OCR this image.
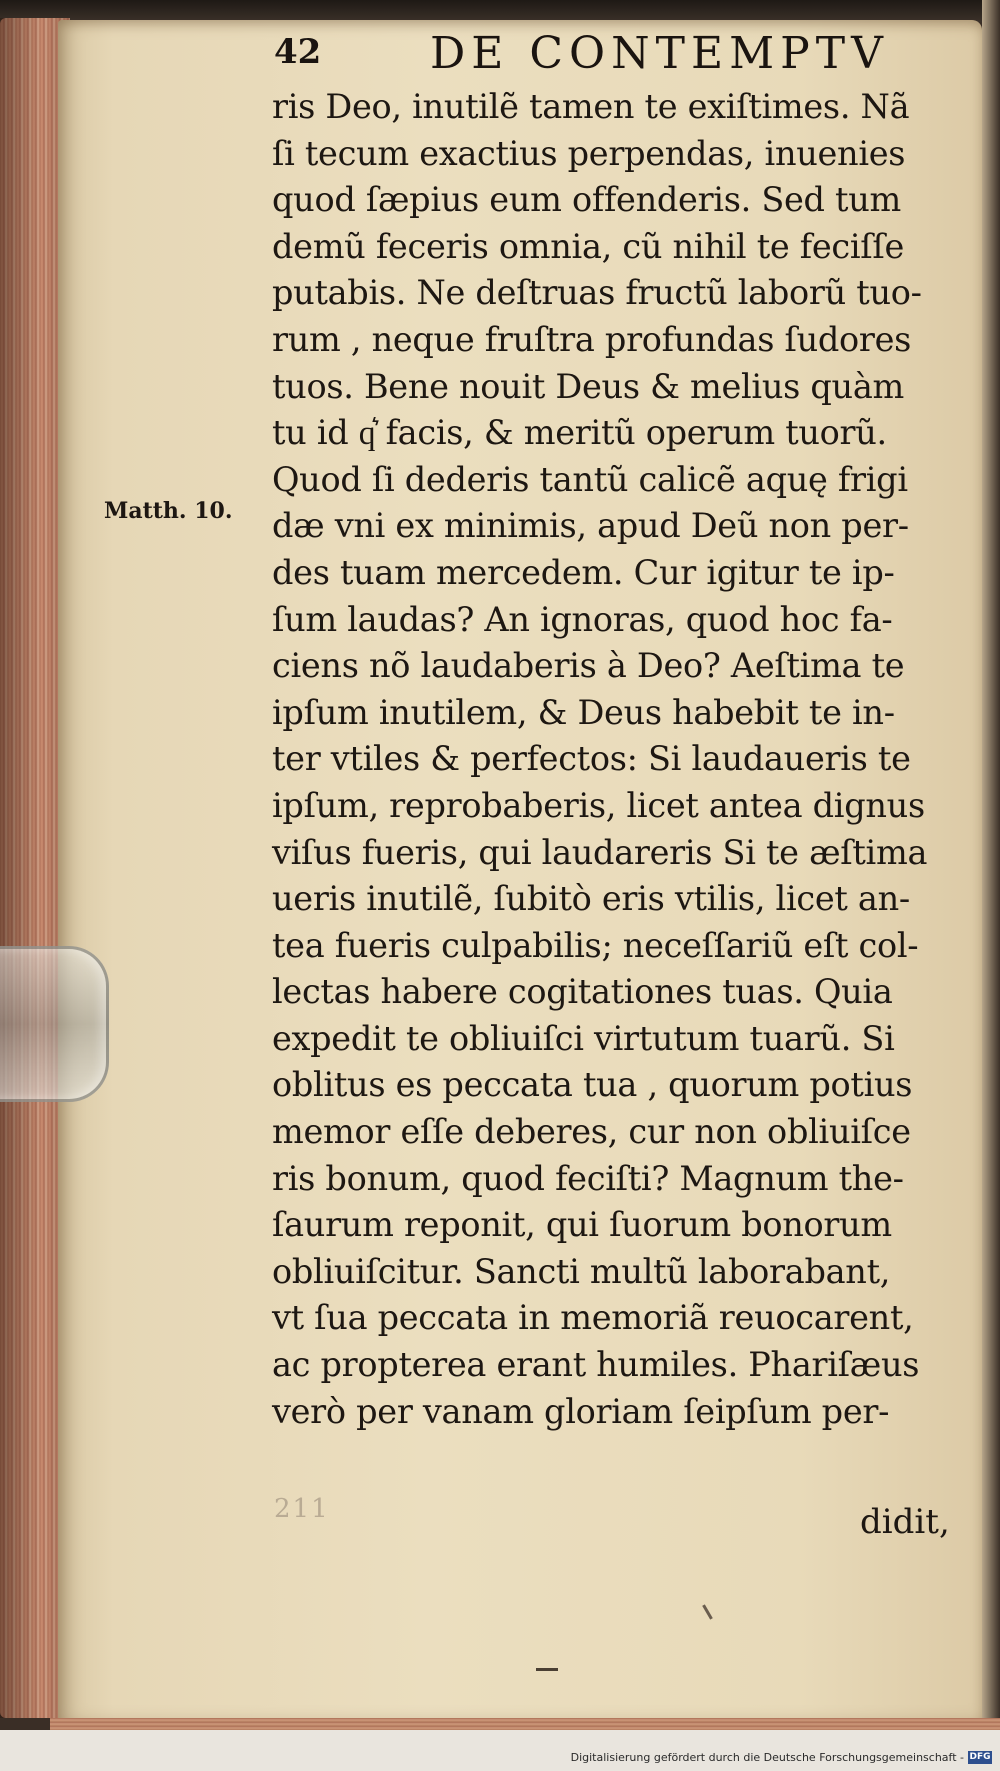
42 DE CONTEMPTV
Matth. 10.
ris Deo, inutilẽ tamen te exiſtimes. Nã
ſi tecum exactius perpendas, inuenies
quod ſæpius eum offenderis. Sed tum
demũ feceris omnia, cũ nihil te feciſſe
putabis. Ne deſtruas fructũ laborũ tuo-
rum , neque fruſtra profundas ſudores
tuos. Bene nouit Deus & melius quàm
tu id q͛ facis, & meritũ operum tuorũ.
Quod ſi dederis tantũ calicẽ aquę frigi
dæ vni ex minimis, apud Deũ non per-
des tuam mercedem. Cur igitur te ip-
ſum laudas? An ignoras, quod hoc fa-
ciens nõ laudaberis à Deo? Aeſtima te
ipſum inutilem, & Deus habebit te in-
ter vtiles & perfectos: Si laudaueris te
ipſum, reprobaberis, licet antea dignus
viſus fueris, qui laudareris Si te æſtima
ueris inutilẽ, ſubitò eris vtilis, licet an-
tea fueris culpabilis; neceſſariũ eſt col-
lectas habere cogitationes tuas. Quia
expedit te obliuiſci virtutum tuarũ. Si
oblitus es peccata tua , quorum potius
memor eſſe deberes, cur non obliuiſce
ris bonum, quod feciſti? Magnum the-
ſaurum reponit, qui ſuorum bonorum
obliuiſcitur. Sancti multũ laborabant,
vt ſua peccata in memoriã reuocarent,
ac propterea erant humiles. Phariſæus
verò per vanam gloriam ſeipſum per-
211	didit,
Digitalisierung gefördert durch die Deutsche Forschungsgemeinschaft - DFG
